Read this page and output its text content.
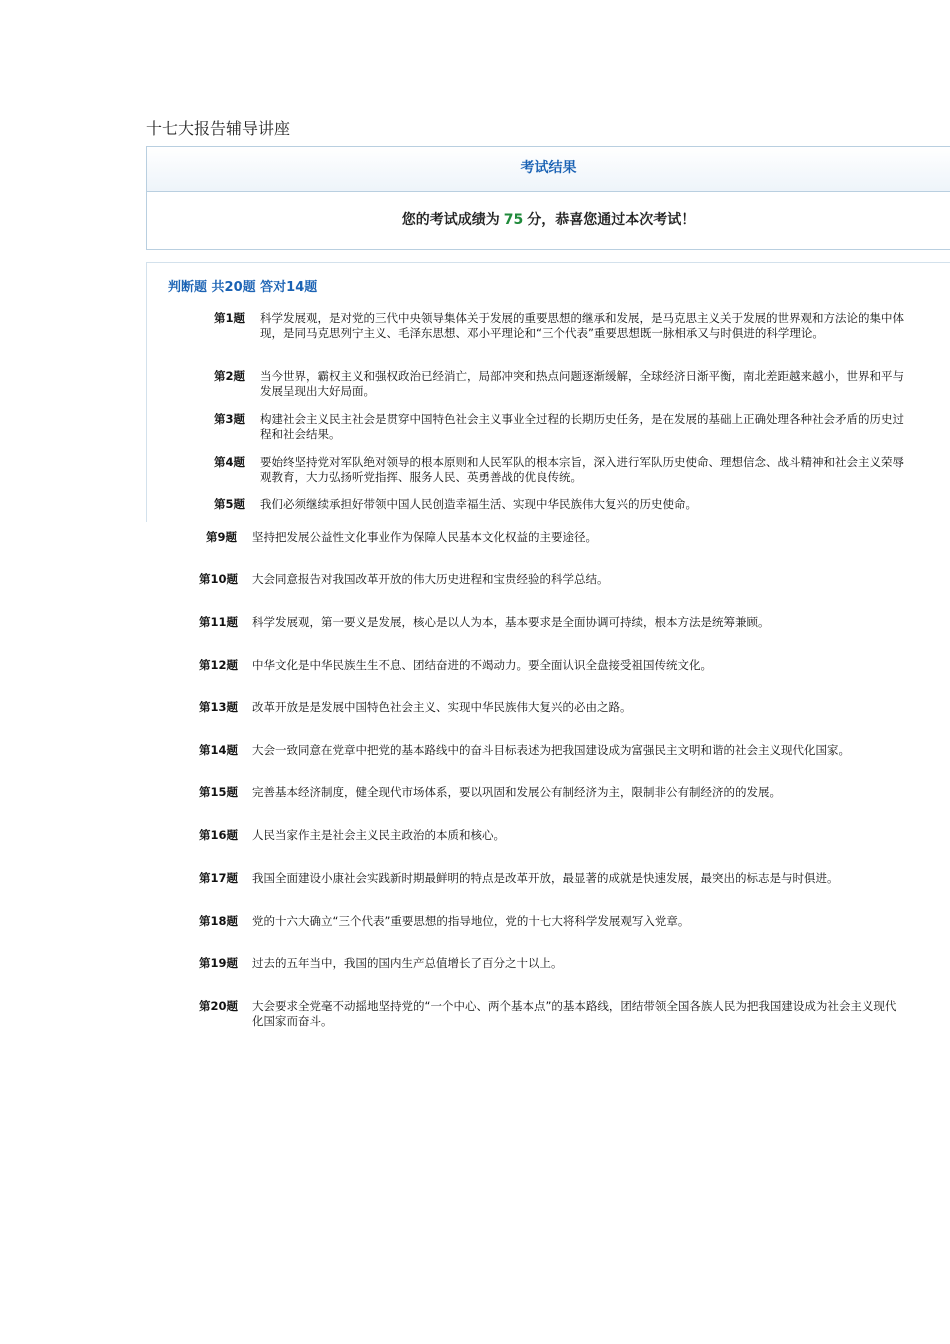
十七大报告辅导讲座
考试结果
您的考试成绩为 75 分，恭喜您通过本次考试！
判断题 共20题 答对14题
第1题	科学发展观，是对党的三代中央领导集体关于发展的重要思想的继承和发展，是马克思主义关于发展的世界观和方法论的集中体现，是同马克思列宁主义、毛泽东思想、邓小平理论和“三个代表”重要思想既一脉相承又与时俱进的科学理论。
第2题	当今世界，霸权主义和强权政治已经消亡，局部冲突和热点问题逐渐缓解，全球经济日渐平衡，南北差距越来越小，世界和平与发展呈现出大好局面。
第3题	构建社会主义民主社会是贯穿中国特色社会主义事业全过程的长期历史任务，是在发展的基础上正确处理各种社会矛盾的历史过程和社会结果。
第4题	要始终坚持党对军队绝对领导的根本原则和人民军队的根本宗旨，深入进行军队历史使命、理想信念、战斗精神和社会主义荣辱观教育，大力弘扬听党指挥、服务人民、英勇善战的优良传统。
第5题	我们必须继续承担好带领中国人民创造幸福生活、实现中华民族伟大复兴的历史使命。
第9题	坚持把发展公益性文化事业作为保障人民基本文化权益的主要途径。
第10题	大会同意报告对我国改革开放的伟大历史进程和宝贵经验的科学总结。
第11题	科学发展观，第一要义是发展，核心是以人为本，基本要求是全面协调可持续，根本方法是统筹兼顾。
第12题	中华文化是中华民族生生不息、团结奋进的不竭动力。要全面认识全盘接受祖国传统文化。
第13题	改革开放是是发展中国特色社会主义、实现中华民族伟大复兴的必由之路。
第14题	大会一致同意在党章中把党的基本路线中的奋斗目标表述为把我国建设成为富强民主文明和谐的社会主义现代化国家。
第15题	完善基本经济制度，健全现代市场体系，要以巩固和发展公有制经济为主，限制非公有制经济的的发展。
第16题	人民当家作主是社会主义民主政治的本质和核心。
第17题	我国全面建设小康社会实践新时期最鲜明的特点是改革开放，最显著的成就是快速发展，最突出的标志是与时俱进。
第18题	党的十六大确立“三个代表”重要思想的指导地位，党的十七大将科学发展观写入党章。
第19题	过去的五年当中，我国的国内生产总值增长了百分之十以上。
第20题	大会要求全党毫不动摇地坚持党的“一个中心、两个基本点”的基本路线，团结带领全国各族人民为把我国建设成为社会主义现代化国家而奋斗。
